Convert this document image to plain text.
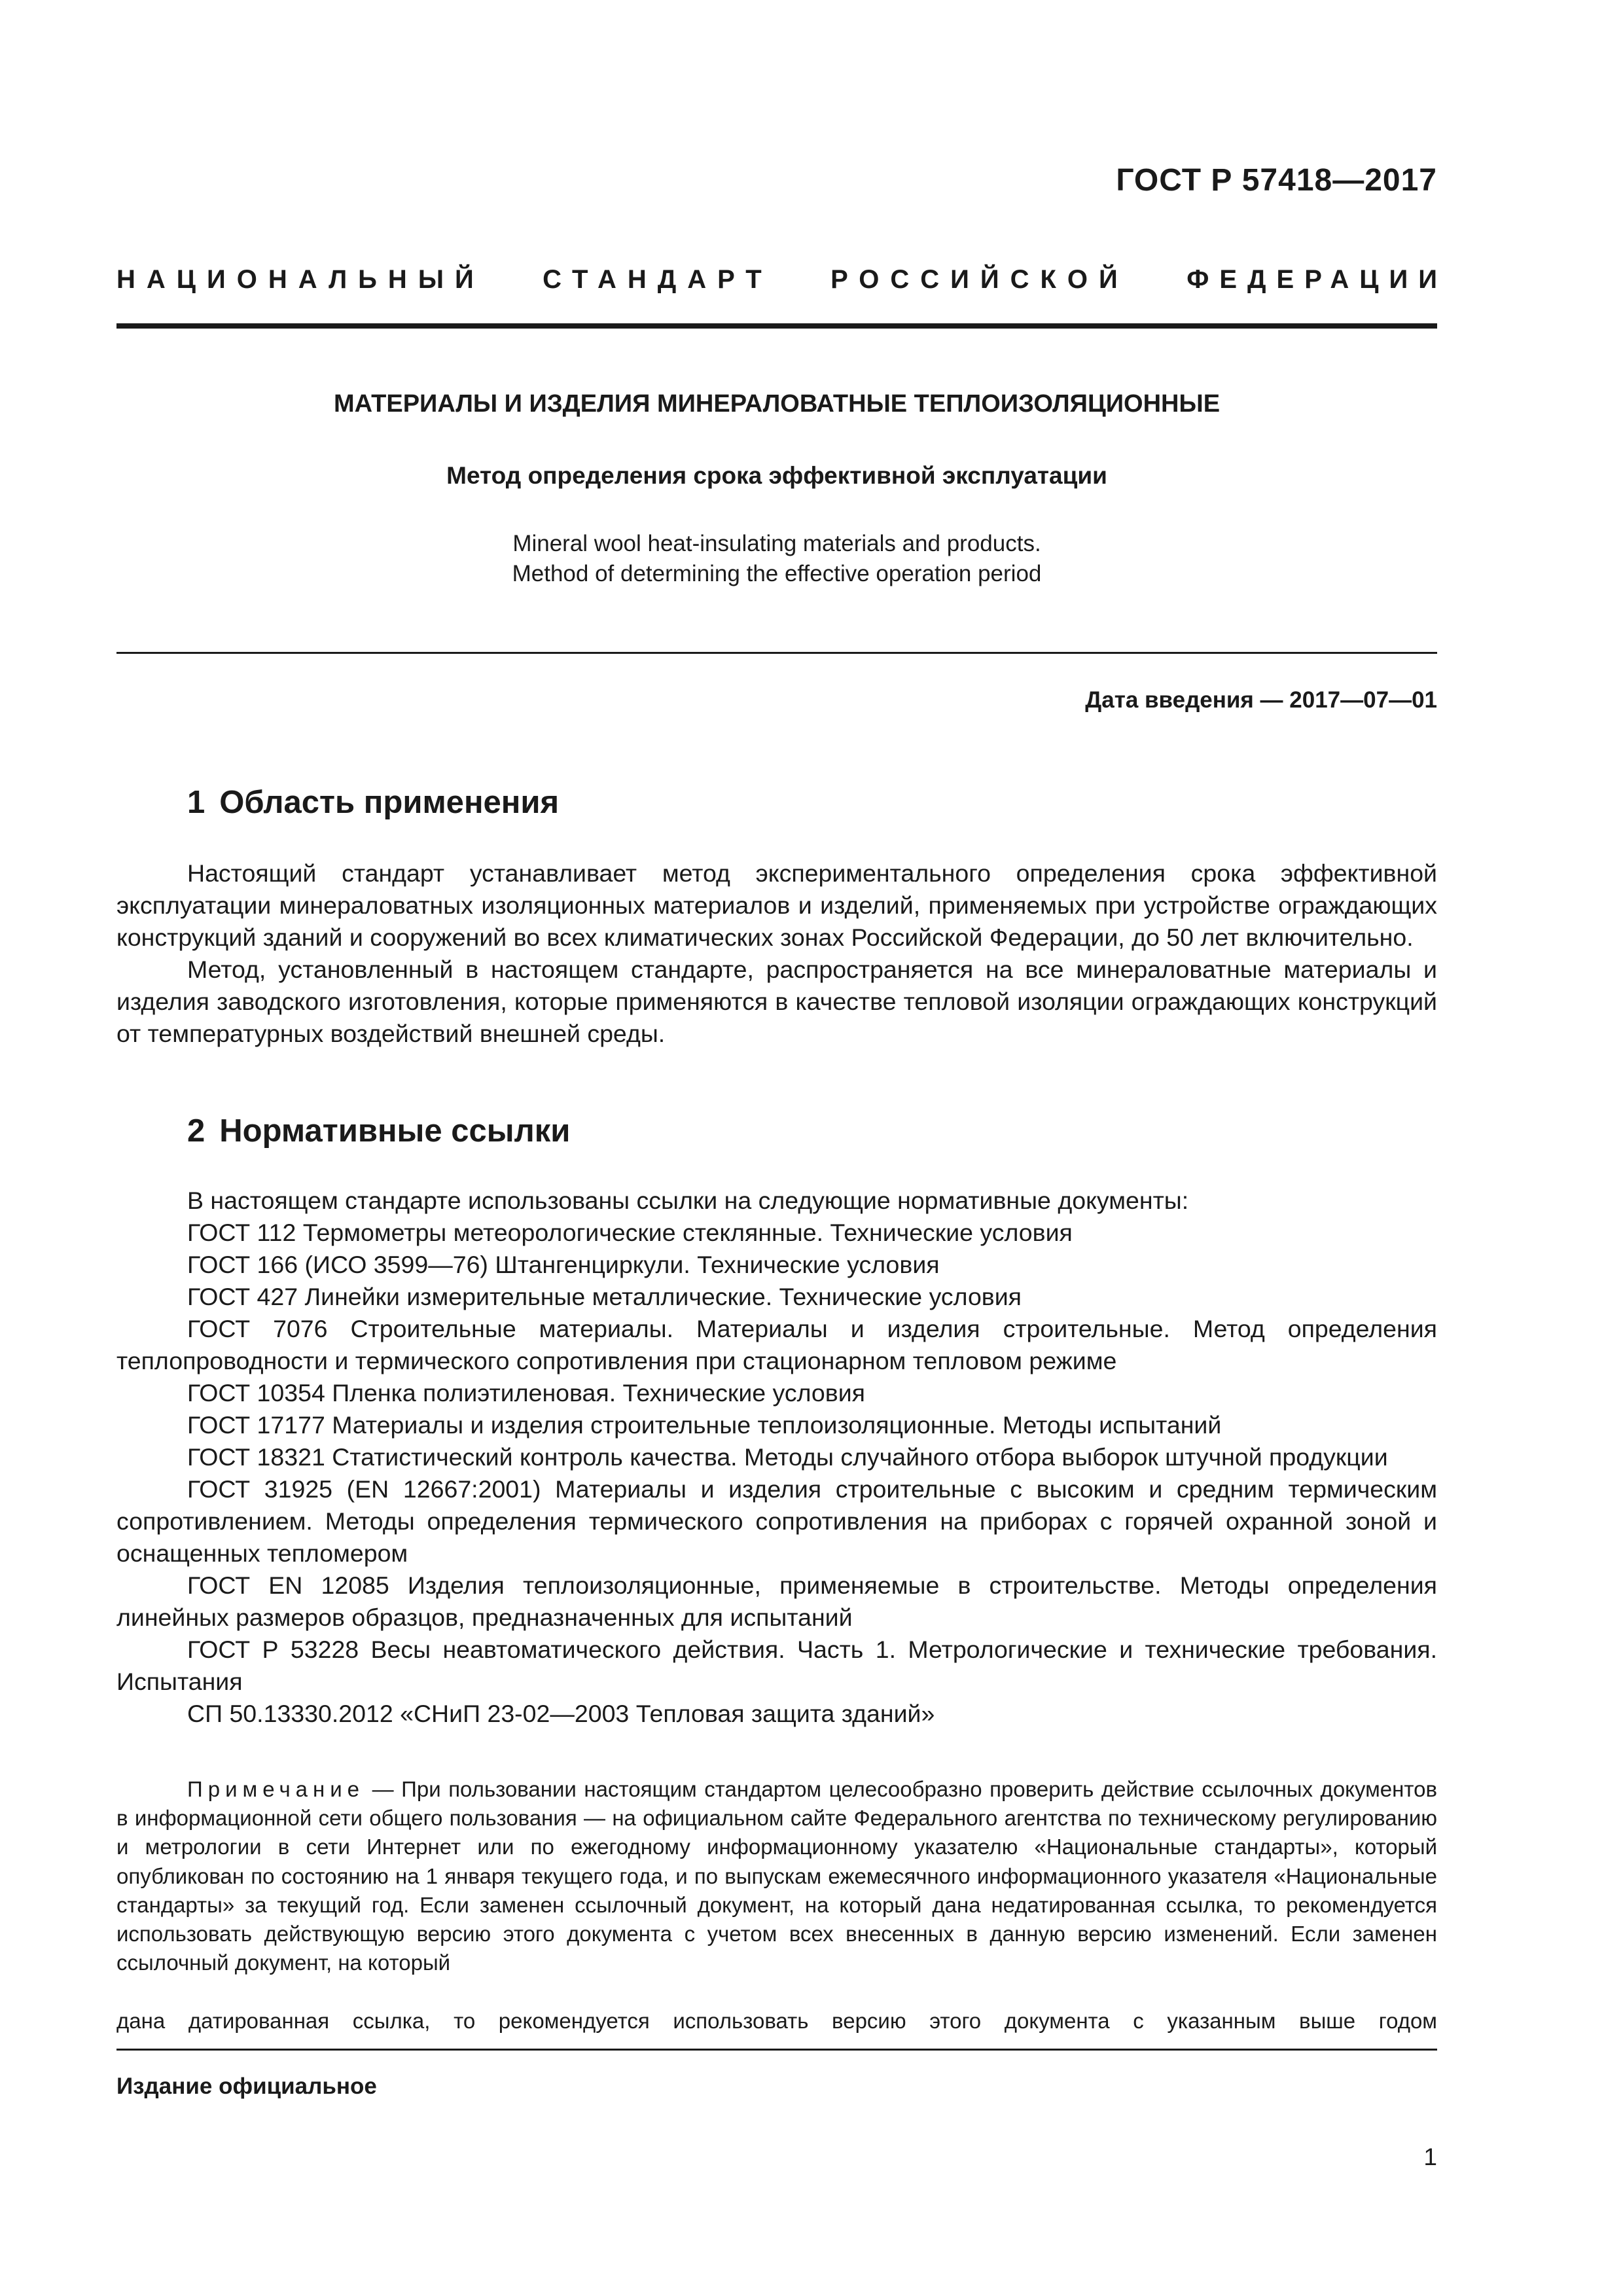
ГОСТ Р 57418—2017
НАЦИОНАЛЬНЫЙ СТАНДАРТ РОССИЙСКОЙ ФЕДЕРАЦИИ
МАТЕРИАЛЫ И ИЗДЕЛИЯ МИНЕРАЛОВАТНЫЕ ТЕПЛОИЗОЛЯЦИОННЫЕ
Метод определения срока эффективной эксплуатации
Mineral wool heat-insulating materials and products.
Method of determining the effective operation period
Дата введения — 2017—07—01
1 Область применения

Настоящий стандарт устанавливает метод экспериментального определения срока эффективной эксплуатации минераловатных изоляционных материалов и изделий, применяемых при устройстве ограждающих конструкций зданий и сооружений во всех климатических зонах Российской Федерации, до 50 лет включительно.

Метод, установленный в настоящем стандарте, распространяется на все минераловатные материалы и изделия заводского изготовления, которые применяются в качестве тепловой изоляции ограждающих конструкций от температурных воздействий внешней среды.

2 Нормативные ссылки

В настоящем стандарте использованы ссылки на следующие нормативные документы:

ГОСТ 112 Термометры метеорологические стеклянные. Технические условия

ГОСТ 166 (ИСО 3599—76) Штангенциркули. Технические условия

ГОСТ 427 Линейки измерительные металлические. Технические условия

ГОСТ 7076 Строительные материалы. Материалы и изделия строительные. Метод определения теплопроводности и термического сопротивления при стационарном тепловом режиме

ГОСТ 10354 Пленка полиэтиленовая. Технические условия

ГОСТ 17177 Материалы и изделия строительные теплоизоляционные. Методы испытаний

ГОСТ 18321 Статистический контроль качества. Методы случайного отбора выборок штучной продукции

ГОСТ 31925 (EN 12667:2001) Материалы и изделия строительные с высоким и средним термическим сопротивлением. Методы определения термического сопротивления на приборах с горячей охранной зоной и оснащенных тепломером

ГОСТ EN 12085 Изделия теплоизоляционные, применяемые в строительстве. Методы определения линейных размеров образцов, предназначенных для испытаний

ГОСТ Р 53228 Весы неавтоматического действия. Часть 1. Метрологические и технические требования. Испытания

СП 50.13330.2012 «СНиП 23-02—2003 Тепловая защита зданий»

Примечание — При пользовании настоящим стандартом целесообразно проверить действие ссылочных документов в информационной сети общего пользования — на официальном сайте Федерального агентства по техническому регулированию и метрологии в сети Интернет или по ежегодному информационному указателю «Национальные стандарты», который опубликован по состоянию на 1 января текущего года, и по выпускам ежемесячного информационного указателя «Национальные стандарты» за текущий год. Если заменен ссылочный документ, на который дана недатированная ссылка, то рекомендуется использовать действующую версию этого документа с учетом всех внесенных в данную версию изменений. Если заменен ссылочный документ, на который
дана датированная ссылка, то рекомендуется использовать версию этого документа с указанным выше годом
Издание официальное
1
